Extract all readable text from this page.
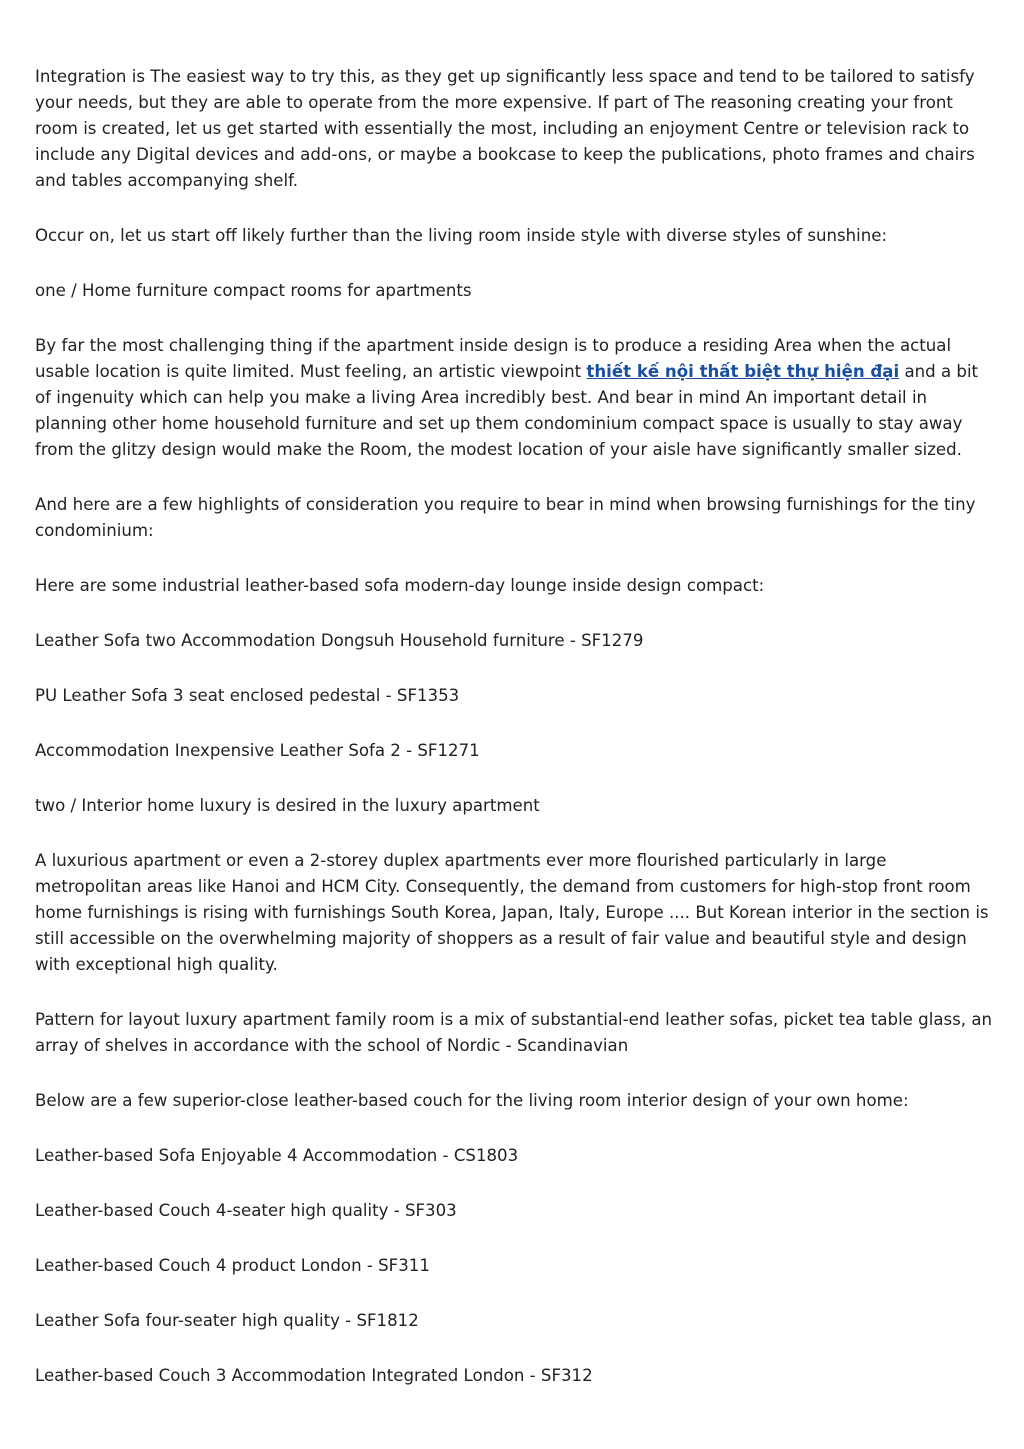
Integration is The easiest way to try this, as they get up significantly less space and tend to be tailored to satisfy your needs, but they are able to operate from the more expensive. If part of The reasoning creating your front room is created, let us get started with essentially the most, including an enjoyment Centre or television rack to include any Digital devices and add-ons, or maybe a bookcase to keep the publications, photo frames and chairs and tables accompanying shelf.

Occur on, let us start off likely further than the living room inside style with diverse styles of sunshine:

one / Home furniture compact rooms for apartments

By far the most challenging thing if the apartment inside design is to produce a residing Area when the actual usable location is quite limited. Must feeling, an artistic viewpoint thiết kế nội thất biệt thự hiện đại and a bit of ingenuity which can help you make a living Area incredibly best. And bear in mind An important detail in planning other home household furniture and set up them condominium compact space is usually to stay away from the glitzy design would make the Room, the modest location of your aisle have significantly smaller sized.

And here are a few highlights of consideration you require to bear in mind when browsing furnishings for the tiny condominium:

Here are some industrial leather-based sofa modern-day lounge inside design compact:

Leather Sofa two Accommodation Dongsuh Household furniture - SF1279

PU Leather Sofa 3 seat enclosed pedestal - SF1353

Accommodation Inexpensive Leather Sofa 2 - SF1271

two / Interior home luxury is desired in the luxury apartment

A luxurious apartment or even a 2-storey duplex apartments ever more flourished particularly in large metropolitan areas like Hanoi and HCM City. Consequently, the demand from customers for high-stop front room home furnishings is rising with furnishings South Korea, Japan, Italy, Europe .... But Korean interior in the section is still accessible on the overwhelming majority of shoppers as a result of fair value and beautiful style and design with exceptional high quality.

Pattern for layout luxury apartment family room is a mix of substantial-end leather sofas, picket tea table glass, an array of shelves in accordance with the school of Nordic - Scandinavian

Below are a few superior-close leather-based couch for the living room interior design of your own home:

Leather-based Sofa Enjoyable 4 Accommodation - CS1803

Leather-based Couch 4-seater high quality - SF303

Leather-based Couch 4 product London - SF311

Leather Sofa four-seater high quality - SF1812

Leather-based Couch 3 Accommodation Integrated London - SF312
